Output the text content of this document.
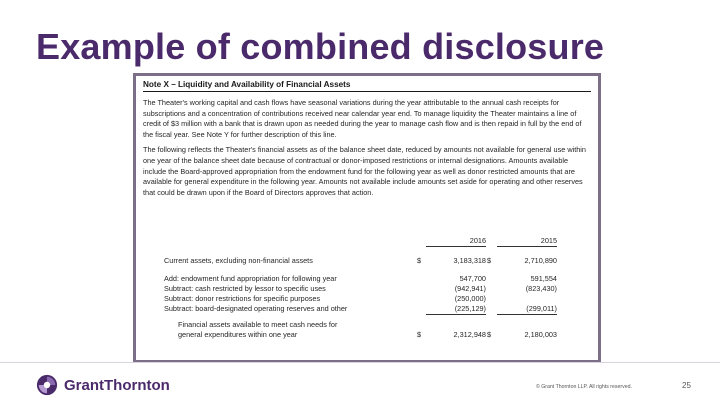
Example of combined disclosure
Note X – Liquidity and Availability of Financial Assets

The Theater's working capital and cash flows have seasonal variations during the year attributable to the annual cash receipts for subscriptions and a concentration of contributions received near calendar year end. To manage liquidity the Theater maintains a line of credit of $3 million with a bank that is drawn upon as needed during the year to manage cash flow and is then repaid in full by the end of the fiscal year. See Note Y for further description of this line.

The following reflects the Theater's financial assets as of the balance sheet date, reduced by amounts not available for general use within one year of the balance sheet date because of contractual or donor-imposed restrictions or internal designations. Amounts available include the Board-approved appropriation from the endowment fund for the following year as well as donor restricted amounts that are available for general expenditure in the following year. Amounts not available include amounts set aside for operating and other reserves that could be drawn upon if the Board of Directors approves that action.

2016	2015
Current assets, excluding non-financial assets	$	3,183,318 $	2,710,890
Add: endowment fund appropriation for following year	547,700	591,554
Subtract: cash restricted by lessor to specific uses	(942,941)	(823,430)
Subtract: donor restrictions for specific purposes	(250,000)
Subtract: board-designated operating reserves and other	(225,129)	(299,011)
Financial assets available to meet cash needs for
general expenditures within one year	$	2,312,948 $	2,180,003
GrantThornton	© Grant Thornton LLP. All rights reserved.	25
